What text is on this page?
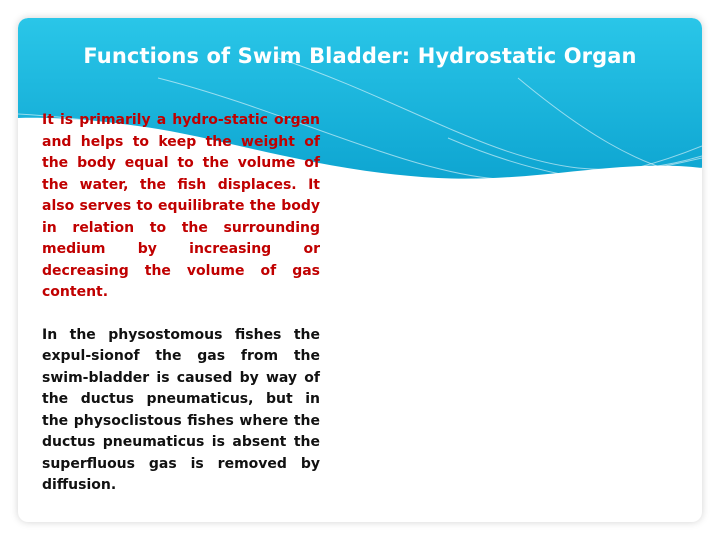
Functions of Swim Bladder: Hydrostatic Organ

It is primarily a hydro-static organ and helps to keep the weight of the body equal to the volume of the water, the fish displaces. It also serves to equilibrate the body in relation to the surrounding medium by increasing or decreasing the volume of gas content.

In the physostomous fishes the expul-sionof the gas from the swim-bladder is caused by way of the ductus pneumaticus, but in the physoclistous fishes where the ductus pneumaticus is absent the superfluous gas is removed by diffusion.
